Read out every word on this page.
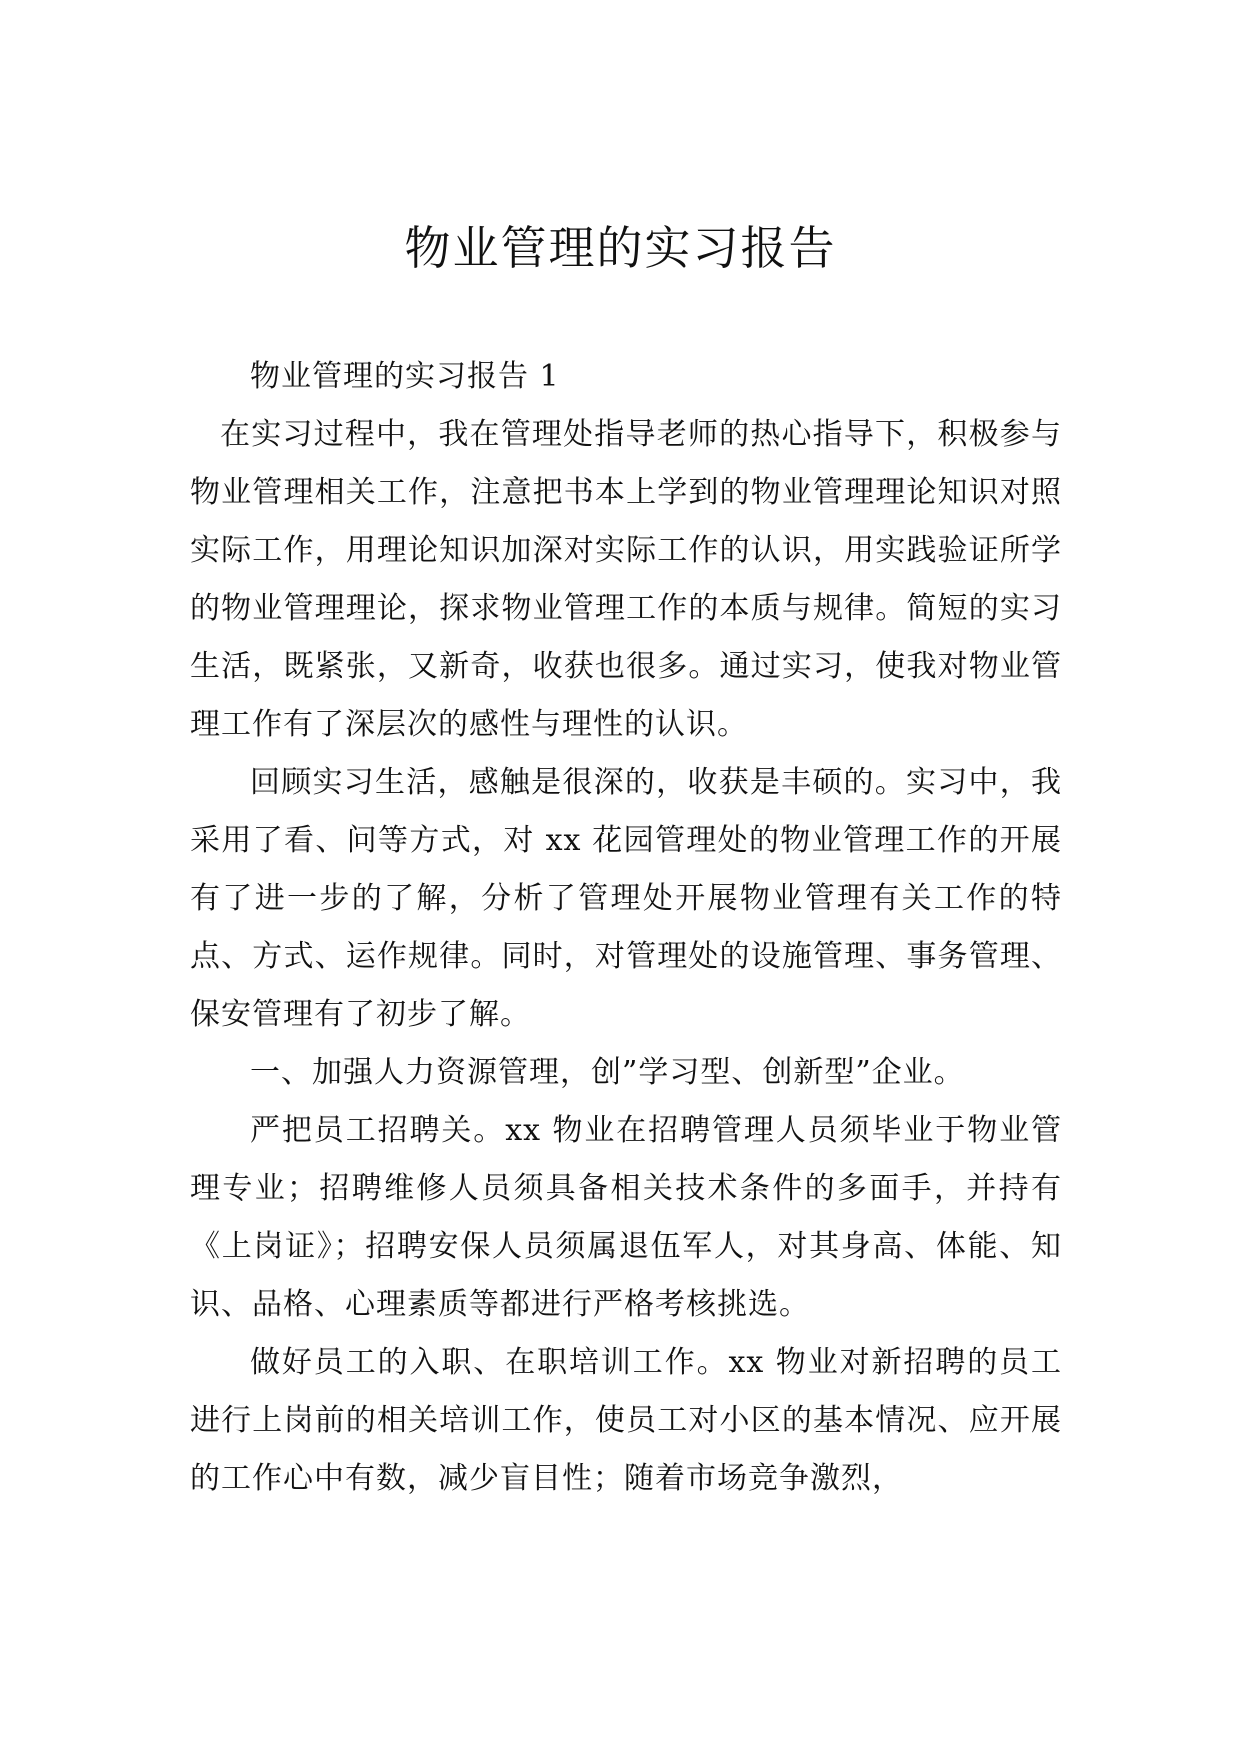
物业管理的实习报告

物业管理的实习报告 1

在实习过程中，我在管理处指导老师的热心指导下，积极参与物业管理相关工作，注意把书本上学到的物业管理理论知识对照实际工作，用理论知识加深对实际工作的认识，用实践验证所学的物业管理理论，探求物业管理工作的本质与规律。简短的实习生活，既紧张，又新奇，收获也很多。通过实习，使我对物业管理工作有了深层次的感性与理性的认识。

回顾实习生活，感触是很深的，收获是丰硕的。实习中，我采用了看、问等方式，对 xx 花园管理处的物业管理工作的开展有了进一步的了解，分析了管理处开展物业管理有关工作的特点、方式、运作规律。同时，对管理处的设施管理、事务管理、保安管理有了初步了解。

一、加强人力资源管理，创”学习型、创新型”企业。

严把员工招聘关。xx 物业在招聘管理人员须毕业于物业管理专业；招聘维修人员须具备相关技术条件的多面手，并持有《上岗证》；招聘安保人员须属退伍军人，对其身高、体能、知识、品格、心理素质等都进行严格考核挑选。

做好员工的入职、在职培训工作。xx 物业对新招聘的员工进行上岗前的相关培训工作，使员工对小区的基本情况、应开展的工作心中有数，减少盲目性；随着市场竞争激烈，
